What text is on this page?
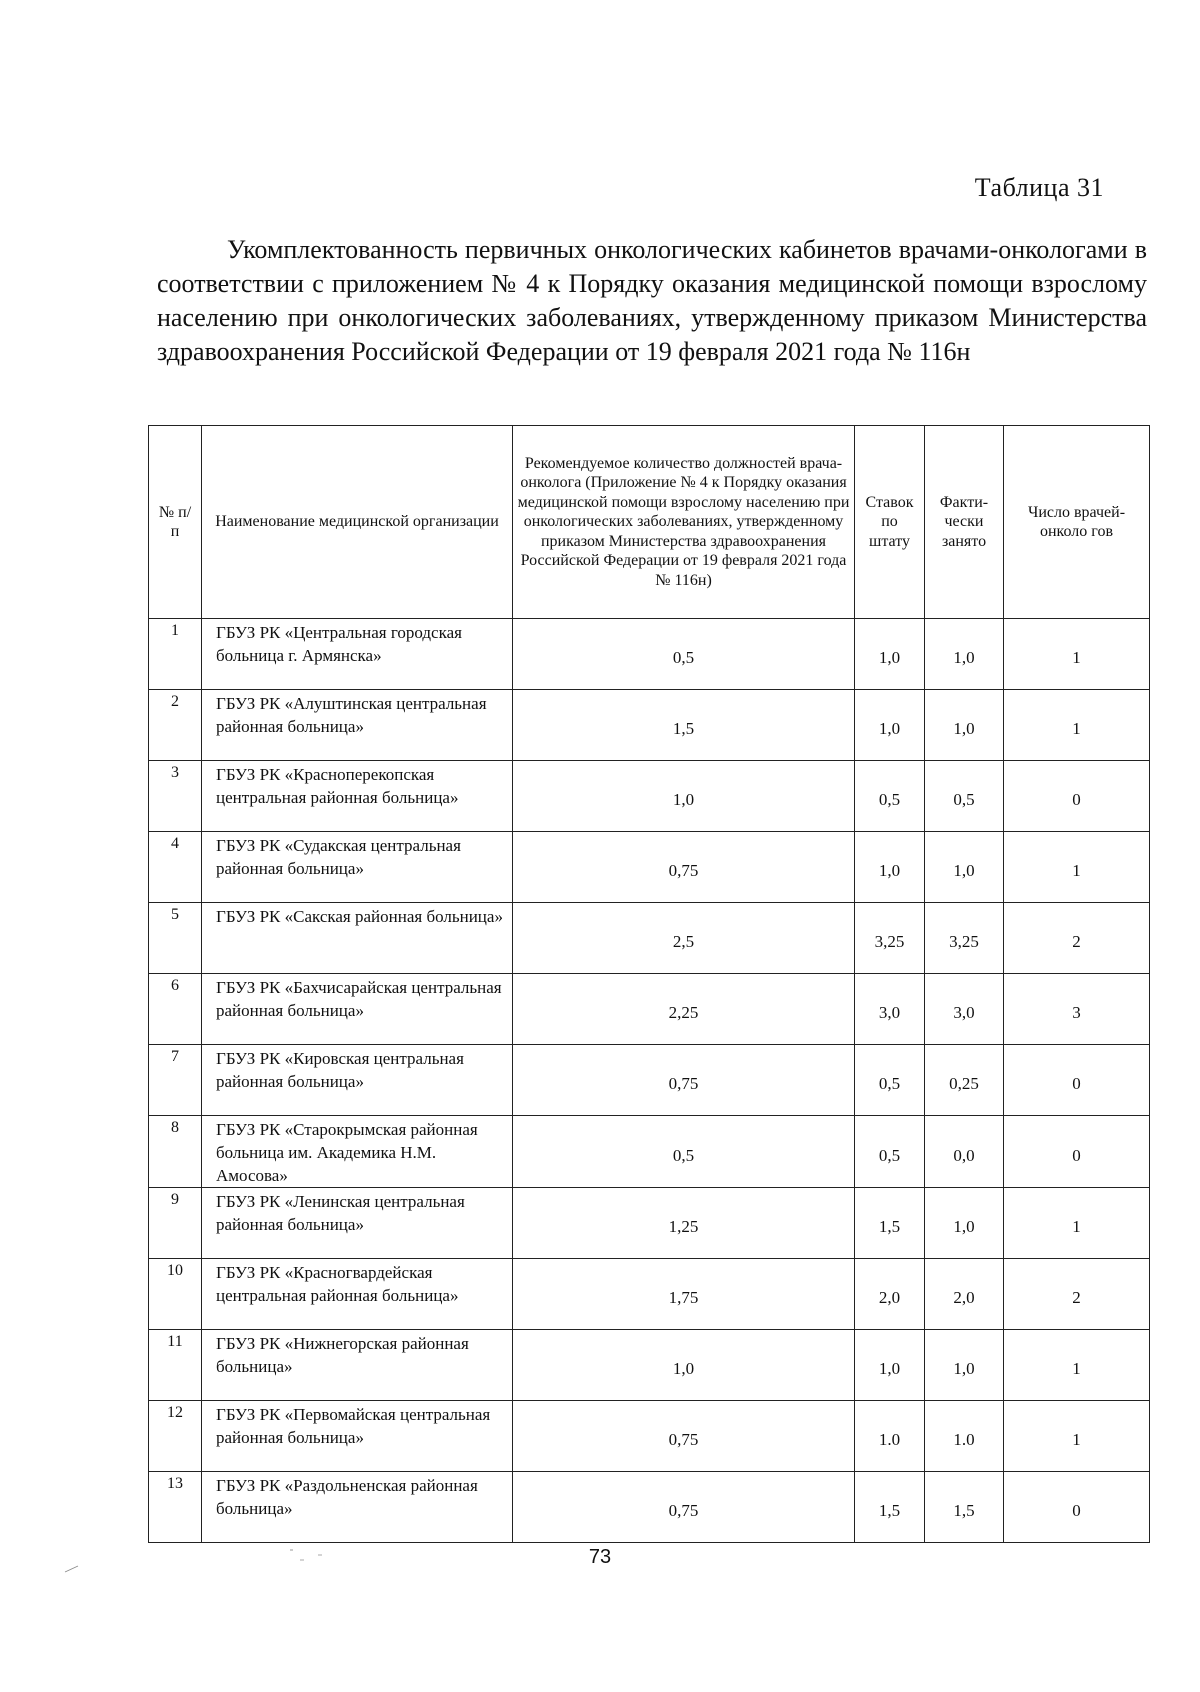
Таблица 31
Укомплектованность первичных онкологических кабинетов врачами-онкологами в соответствии с приложением № 4 к Порядку оказания медицинской помощи взрослому населению при онкологических заболеваниях, утвержденному приказом Министерства здравоохранения Российской Федерации от 19 февраля 2021 года № 116н
№ п/ п	Наименование медицинской организации	Рекомендуемое количество должностей врача-онколога (Приложение № 4 к Порядку оказания медицинской помощи взрослому населению при онкологических заболеваниях, утвержденному приказом Министерства здравоохранения Российской Федерации от 19 февраля 2021 года № 116н)	Ставок по штату	Факти-чески занято	Число врачей-онколо гов
1	ГБУЗ РК «Центральная городская больница г. Армянска»	0,5	1,0	1,0	1
2	ГБУЗ РК «Алуштинская центральная районная больница»	1,5	1,0	1,0	1
3	ГБУЗ РК «Красноперекопская центральная районная больница»	1,0	0,5	0,5	0
4	ГБУЗ РК «Судакская центральная районная больница»	0,75	1,0	1,0	1
5	ГБУЗ РК «Сакская районная больница»	2,5	3,25	3,25	2
6	ГБУЗ РК «Бахчисарайская центральная районная больница»	2,25	3,0	3,0	3
7	ГБУЗ РК «Кировская центральная районная больница»	0,75	0,5	0,25	0
8	ГБУЗ РК «Старокрымская районная больница им. Академика Н.М. Амосова»	0,5	0,5	0,0	0
9	ГБУЗ РК «Ленинская центральная районная больница»	1,25	1,5	1,0	1
10	ГБУЗ РК «Красногвардейская центральная районная больница»	1,75	2,0	2,0	2
11	ГБУЗ РК «Нижнегорская районная больница»	1,0	1,0	1,0	1
12	ГБУЗ РК «Первомайская центральная районная больница»	0,75	1.0	1.0	1
13	ГБУЗ РК «Раздольненская районная больница»	0,75	1,5	1,5	0
73
